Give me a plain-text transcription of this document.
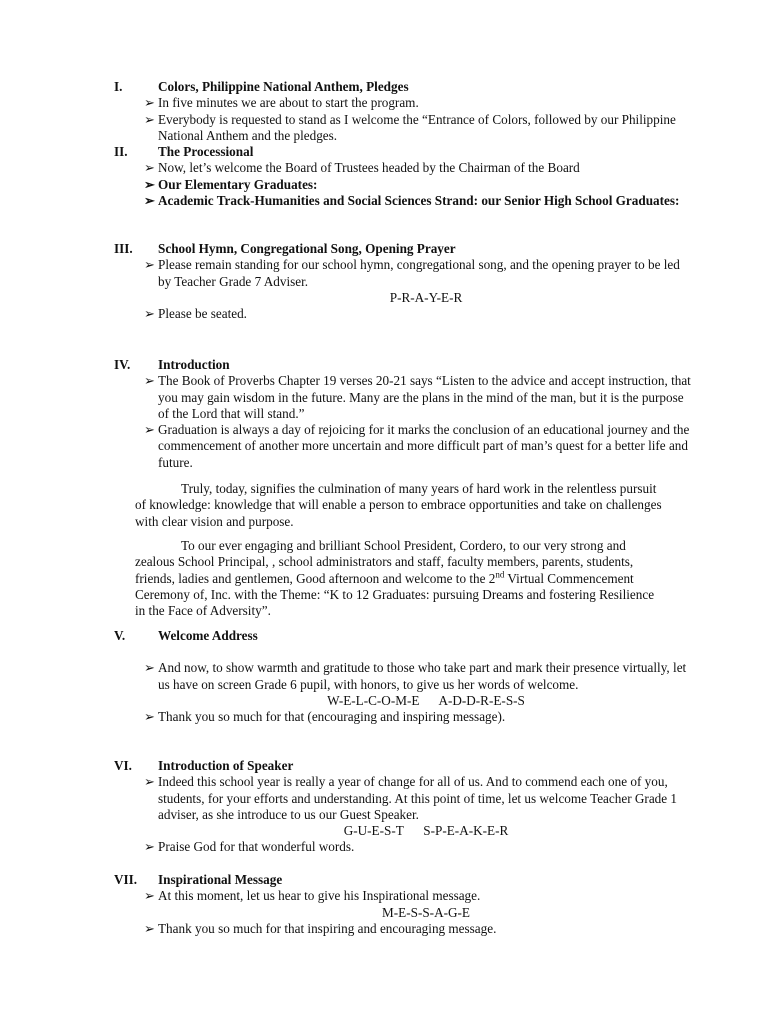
I.	Colors, Philippine National Anthem, Pledges
➢ In five minutes we are about to start the program.
➢ Everybody is requested to stand as I welcome the “Entrance of Colors, followed by our Philippine National Anthem and the pledges.
II.	The Processional
➢ Now, let’s welcome the Board of Trustees headed by the Chairman of the Board
➢ Our Elementary Graduates:
➢ Academic Track-Humanities and Social Sciences Strand: our Senior High School Graduates:
III.	School Hymn, Congregational Song, Opening Prayer
➢ Please remain standing for our school hymn, congregational song, and the opening prayer to be led by Teacher Grade 7 Adviser.
P-R-A-Y-E-R
➢ Please be seated.
IV.	Introduction
➢ The Book of Proverbs Chapter 19 verses 20-21 says “Listen to the advice and accept instruction, that you may gain wisdom in the future. Many are the plans in the mind of the man, but it is the purpose of the Lord that will stand.”
➢ Graduation is always a day of rejoicing for it marks the conclusion of an educational journey and the commencement of another more uncertain and more difficult part of man’s quest for a better life and future.
Truly, today, signifies the culmination of many years of hard work in the relentless pursuit of knowledge: knowledge that will enable a person to embrace opportunities and take on challenges with clear vision and purpose.
To our ever engaging and brilliant School President, Cordero, to our very strong and zealous School Principal, , school administrators and staff, faculty members, parents, students, friends, ladies and gentlemen, Good afternoon and welcome to the 2nd Virtual Commencement Ceremony of, Inc. with the Theme: “K to 12 Graduates: pursuing Dreams and fostering Resilience in the Face of Adversity”.
V.	Welcome Address
➢ And now, to show warmth and gratitude to those who take part and mark their presence virtually, let us have on screen Grade 6 pupil, with honors, to give us her words of welcome.
W-E-L-C-O-M-E      A-D-D-R-E-S-S
➢ Thank you so much for that (encouraging and inspiring message).
VI.	Introduction of Speaker
➢ Indeed this school year is really a year of change for all of us. And to commend each one of you, students, for your efforts and understanding. At this point of time, let us welcome Teacher Grade 1 adviser, as she introduce to us our Guest Speaker.
G-U-E-S-T      S-P-E-A-K-E-R
➢ Praise God for that wonderful words.
VII.	Inspirational Message
➢ At this moment, let us hear to give his Inspirational message.
M-E-S-S-A-G-E
➢ Thank you so much for that inspiring and encouraging message.
